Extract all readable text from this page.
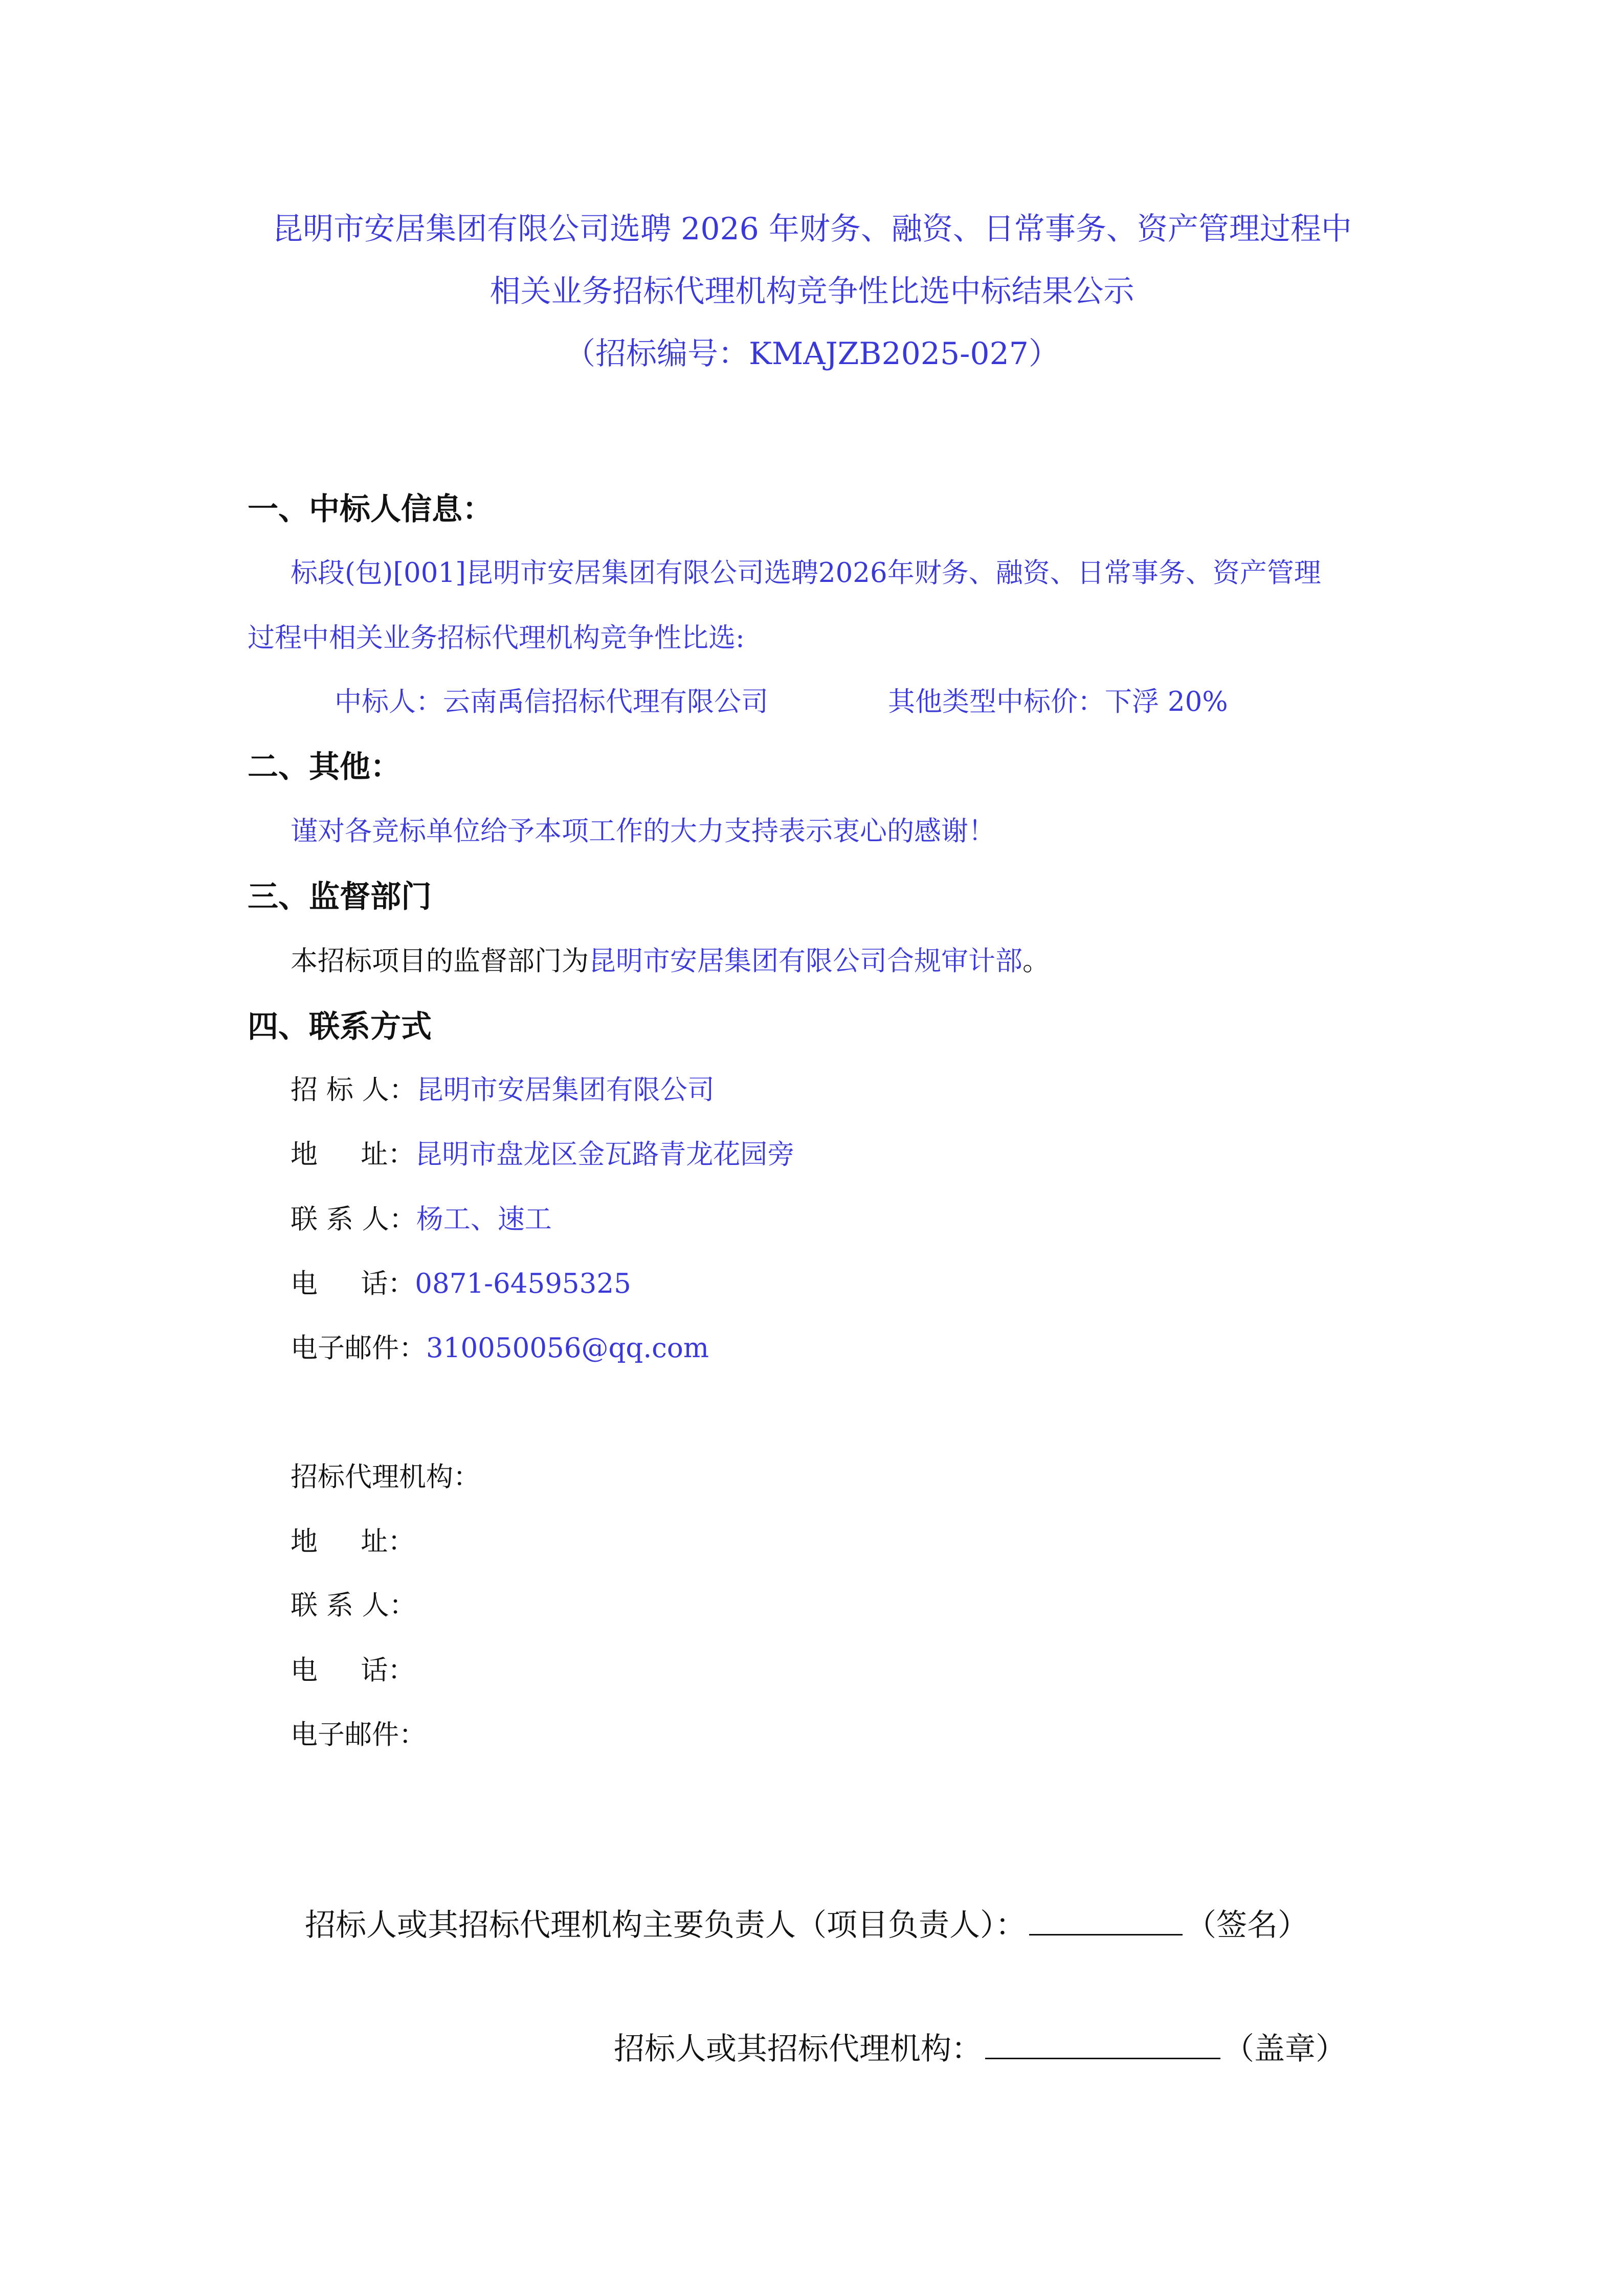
昆明市安居集团有限公司选聘 2026 年财务、融资、日常事务、资产管理过程中
相关业务招标代理机构竞争性比选中标结果公示
（招标编号：KMAJZB2025-027）
一、中标人信息：
标段(包)[001]昆明市安居集团有限公司选聘2026年财务、融资、日常事务、资产管理
过程中相关业务招标代理机构竞争性比选:
中标人：云南禹信招标代理有限公司	其他类型中标价：下浮 20%
二、其他：
谨对各竞标单位给予本项工作的大力支持表示衷心的感谢！
三、监督部门
本招标项目的监督部门为昆明市安居集团有限公司合规审计部。
四、联系方式
招 标 人：昆明市安居集团有限公司
地     址：昆明市盘龙区金瓦路青龙花园旁
联 系 人：杨工、速工
电     话：0871-64595325
电子邮件：310050056@qq.com
招标代理机构：
地     址：
联 系 人：
电     话：
电子邮件：
招标人或其招标代理机构主要负责人（项目负责人）：	（签名）
招标人或其招标代理机构：	（盖章）
